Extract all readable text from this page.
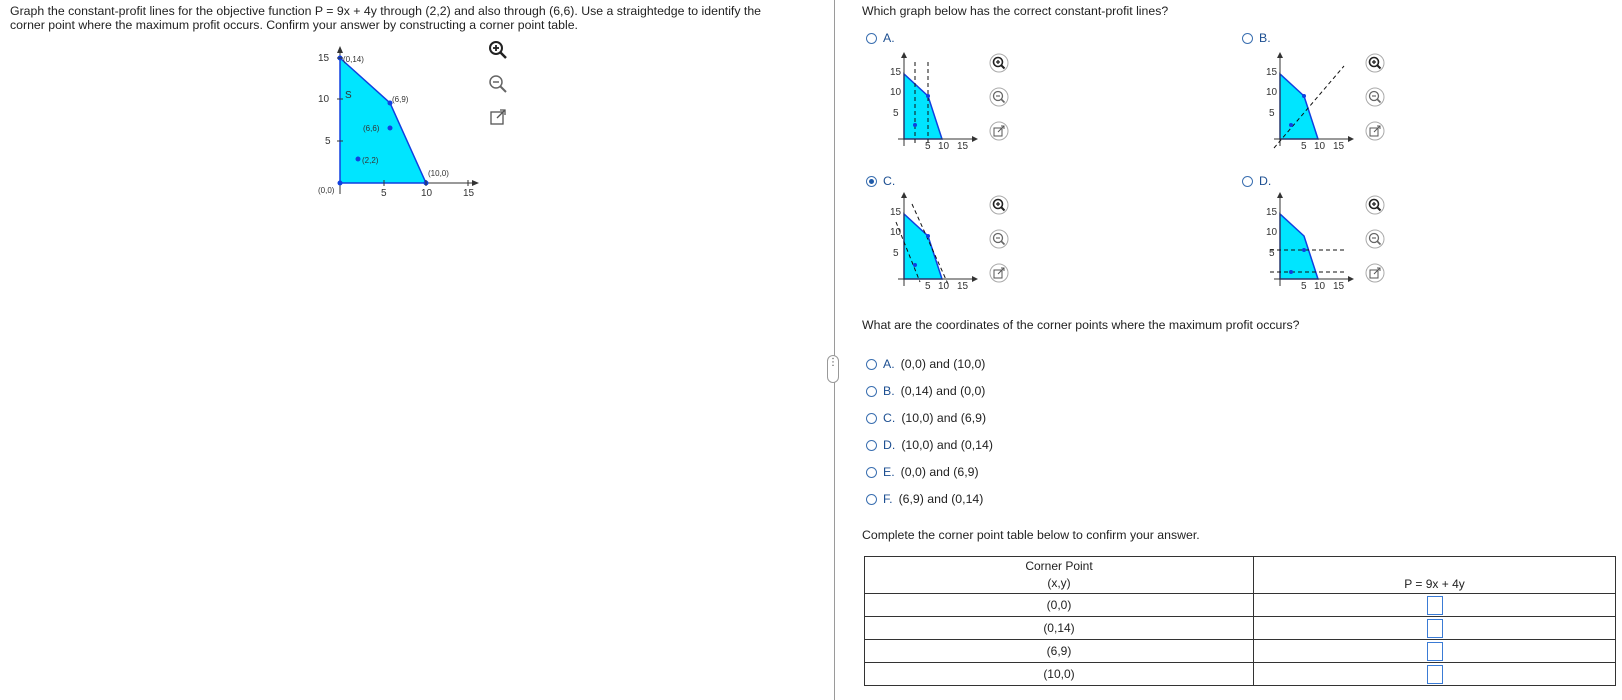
Graph the constant-profit lines for the objective function P = 9x + 4y through (2,2) and also through (6,6). Use a straightedge to identify the
corner point where the maximum profit occurs. Confirm your answer by constructing a corner point table.
15
10
5
5	10	15
S
(0,0)
(0,14)
(6,9)
(6,6)
(2,2)
(10,0)
⋮
Which graph below has the correct constant-profit lines?
A.	B.
C.	D.
15
10
5
5 10 15
15
10
5
5 10 15
15
10
5
5 10 15
15
10
5
5 10 15
What are the coordinates of the corner points where the maximum profit occurs?
A. (0,0) and (10,0)
B. (0,14) and (0,0)
C. (10,0) and (6,9)
D. (10,0) and (0,14)
E. (0,0) and (6,9)
F. (6,9) and (0,14)
Complete the corner point table below to confirm your answer.
Corner Point
(x,y)	P = 9x + 4y
(0,0)	
(0,14)	
(6,9)	
(10,0)	
